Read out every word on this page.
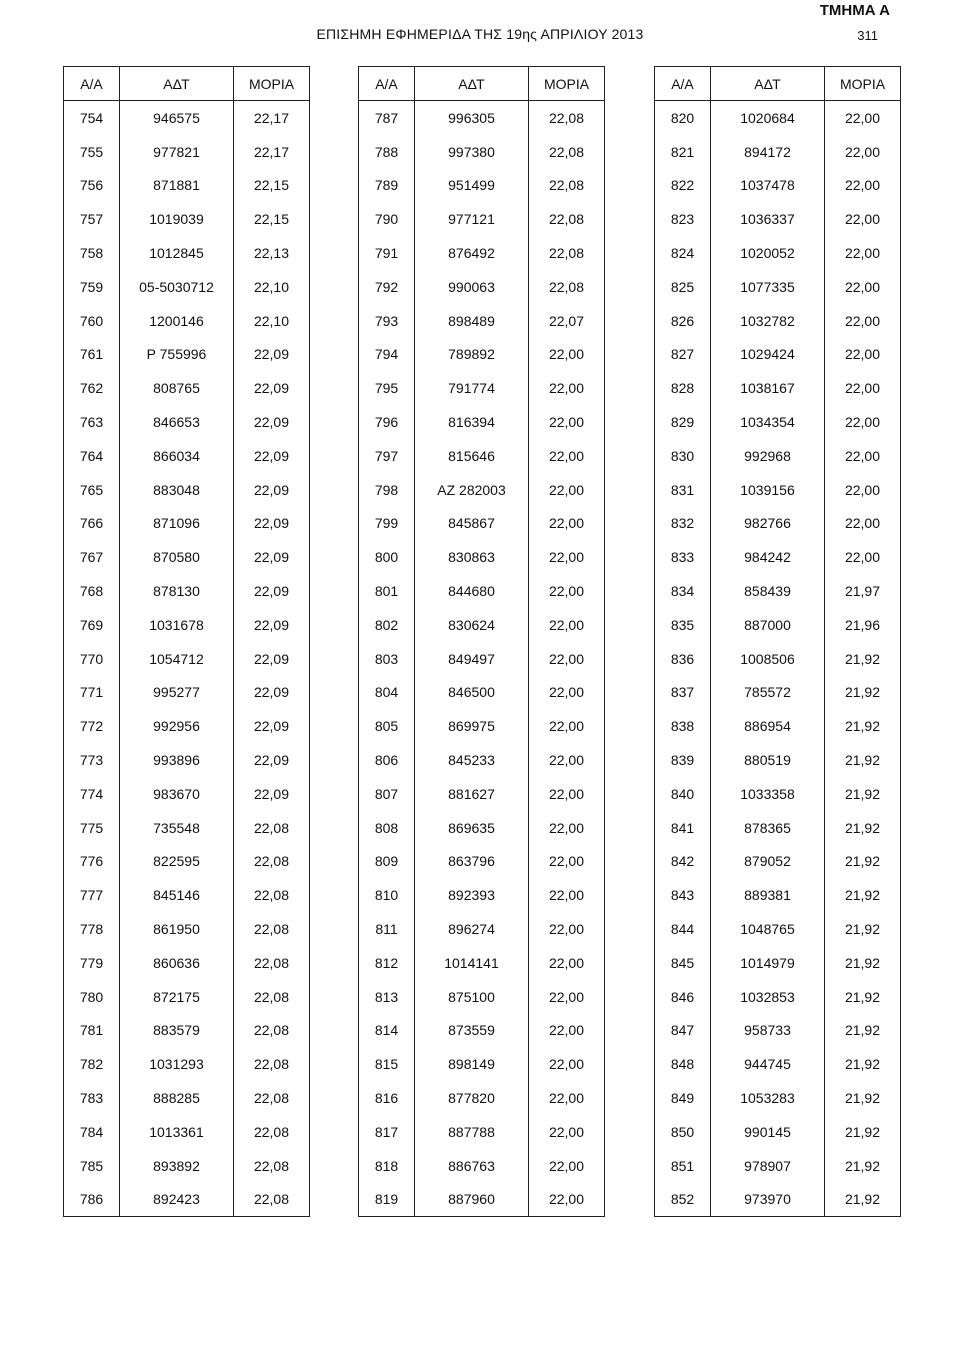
ΤΜΗΜΑ Α
ΕΠΙΣΗΜΗ ΕΦΗΜΕΡΙΔΑ ΤΗΣ 19ης ΑΠΡΙΛΙΟΥ 2013	311
Α/Α	ΑΔΤ	ΜΟΡΙΑ
754	946575	22,17
755	977821	22,17
756	871881	22,15
757	1019039	22,15
758	1012845	22,13
759	05-5030712	22,10
760	1200146	22,10
761	Ρ 755996	22,09
762	808765	22,09
763	846653	22,09
764	866034	22,09
765	883048	22,09
766	871096	22,09
767	870580	22,09
768	878130	22,09
769	1031678	22,09
770	1054712	22,09
771	995277	22,09
772	992956	22,09
773	993896	22,09
774	983670	22,09
775	735548	22,08
776	822595	22,08
777	845146	22,08
778	861950	22,08
779	860636	22,08
780	872175	22,08
781	883579	22,08
782	1031293	22,08
783	888285	22,08
784	1013361	22,08
785	893892	22,08
786	892423	22,08
Α/Α	ΑΔΤ	ΜΟΡΙΑ
787	996305	22,08
788	997380	22,08
789	951499	22,08
790	977121	22,08
791	876492	22,08
792	990063	22,08
793	898489	22,07
794	789892	22,00
795	791774	22,00
796	816394	22,00
797	815646	22,00
798	ΑΖ 282003	22,00
799	845867	22,00
800	830863	22,00
801	844680	22,00
802	830624	22,00
803	849497	22,00
804	846500	22,00
805	869975	22,00
806	845233	22,00
807	881627	22,00
808	869635	22,00
809	863796	22,00
810	892393	22,00
811	896274	22,00
812	1014141	22,00
813	875100	22,00
814	873559	22,00
815	898149	22,00
816	877820	22,00
817	887788	22,00
818	886763	22,00
819	887960	22,00
Α/Α	ΑΔΤ	ΜΟΡΙΑ
820	1020684	22,00
821	894172	22,00
822	1037478	22,00
823	1036337	22,00
824	1020052	22,00
825	1077335	22,00
826	1032782	22,00
827	1029424	22,00
828	1038167	22,00
829	1034354	22,00
830	992968	22,00
831	1039156	22,00
832	982766	22,00
833	984242	22,00
834	858439	21,97
835	887000	21,96
836	1008506	21,92
837	785572	21,92
838	886954	21,92
839	880519	21,92
840	1033358	21,92
841	878365	21,92
842	879052	21,92
843	889381	21,92
844	1048765	21,92
845	1014979	21,92
846	1032853	21,92
847	958733	21,92
848	944745	21,92
849	1053283	21,92
850	990145	21,92
851	978907	21,92
852	973970	21,92
